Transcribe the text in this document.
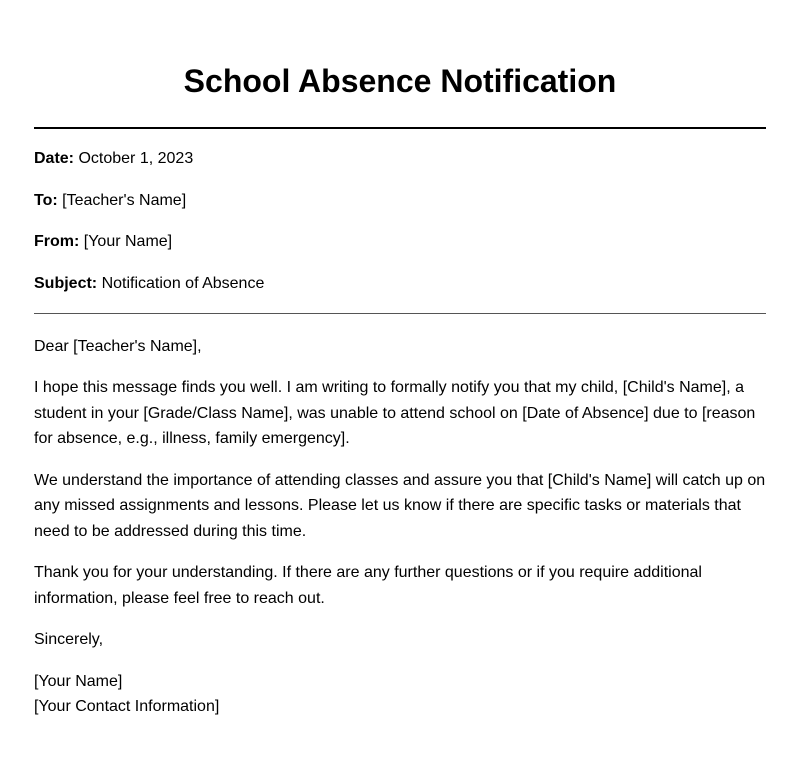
School Absence Notification
Date: October 1, 2023
To: [Teacher's Name]
From: [Your Name]
Subject: Notification of Absence

Dear [Teacher's Name],

I hope this message finds you well. I am writing to formally notify you that my child, [Child's Name], a student in your [Grade/Class Name], was unable to attend school on [Date of Absence] due to [reason for absence, e.g., illness, family emergency].

We understand the importance of attending classes and assure you that [Child's Name] will catch up on any missed assignments and lessons. Please let us know if there are specific tasks or materials that need to be addressed during this time.

Thank you for your understanding. If there are any further questions or if you require additional information, please feel free to reach out.

Sincerely,

[Your Name]

[Your Contact Information]
